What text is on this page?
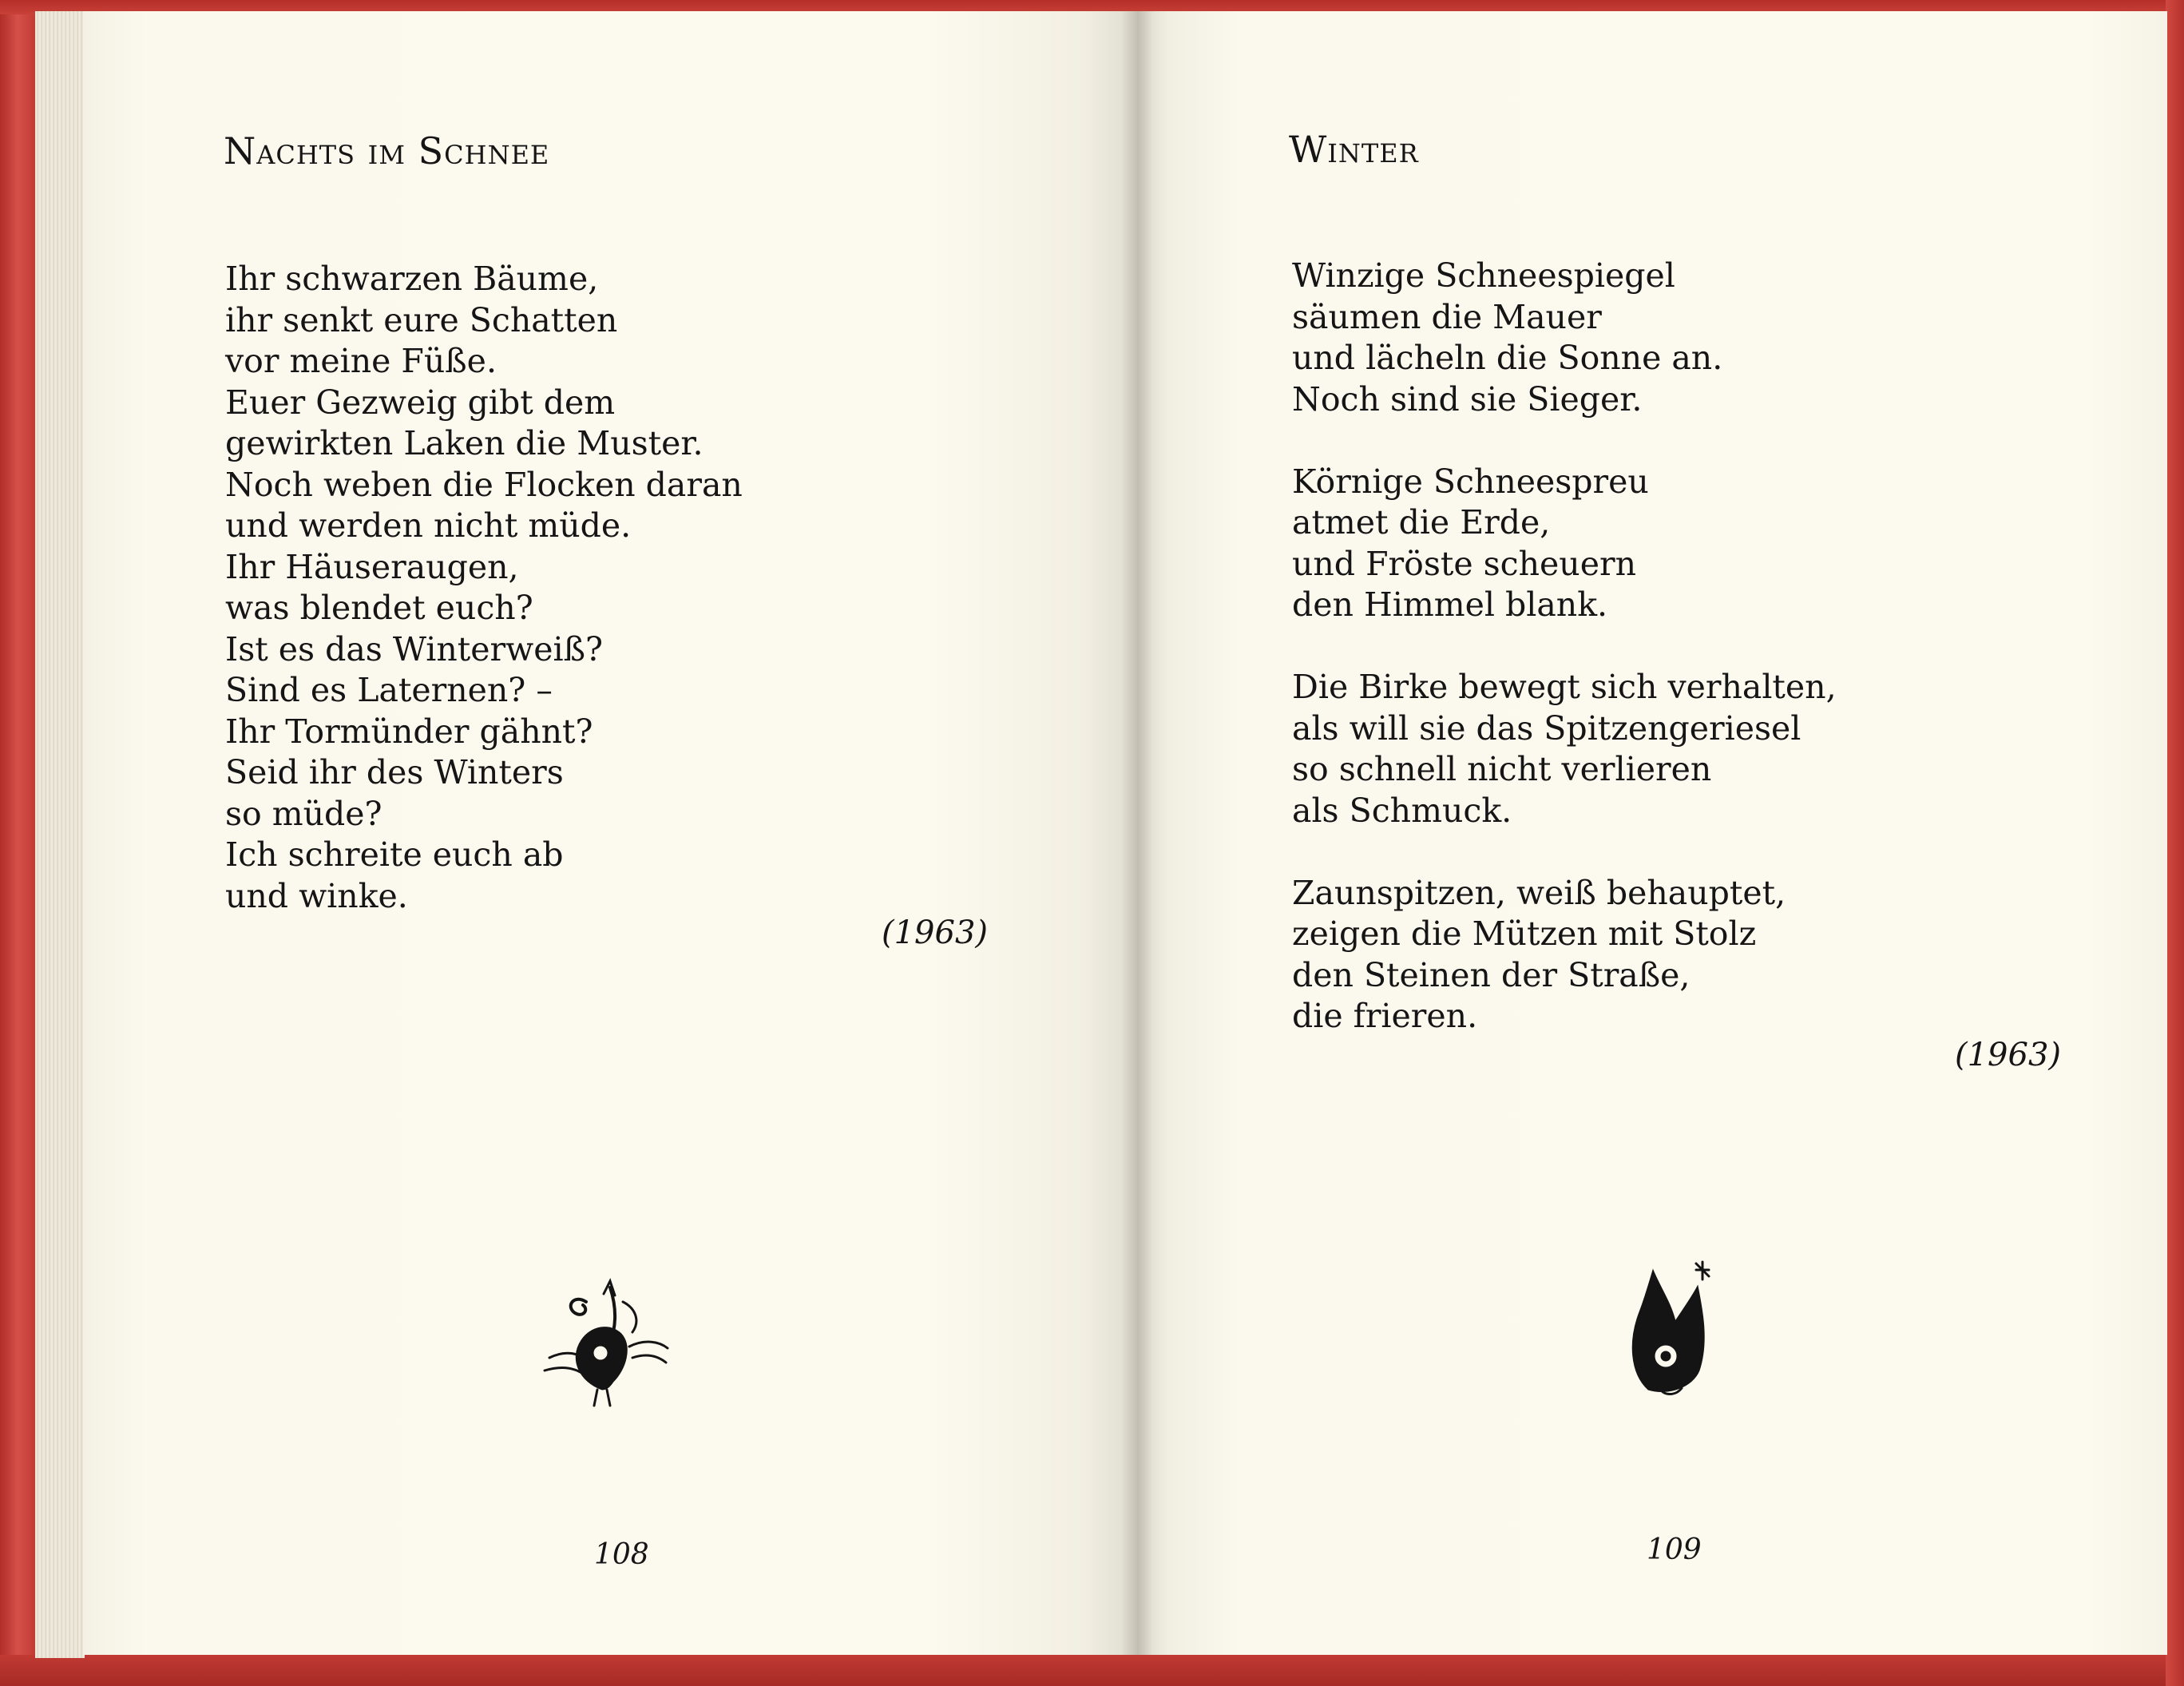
Nachts im Schnee
Ihr schwarzen Bäume,
ihr senkt eure Schatten
vor meine Füße.
Euer Gezweig gibt dem
gewirkten Laken die Muster.
Noch weben die Flocken daran
und werden nicht müde.
Ihr Häuseraugen,
was blendet euch?
Ist es das Winterweiß?
Sind es Laternen? –
Ihr Tormünder gähnt?
Seid ihr des Winters
so müde?
Ich schreite euch ab
und winke.
(1963)
108
Winter
Winzige Schneespiegel
säumen die Mauer
und lächeln die Sonne an.
Noch sind sie Sieger.
Körnige Schneespreu
atmet die Erde,
und Fröste scheuern
den Himmel blank.
Die Birke bewegt sich verhalten,
als will sie das Spitzengeriesel
so schnell nicht verlieren
als Schmuck.
Zaunspitzen, weiß behauptet,
zeigen die Mützen mit Stolz
den Steinen der Straße,
die frieren.
(1963)
109
